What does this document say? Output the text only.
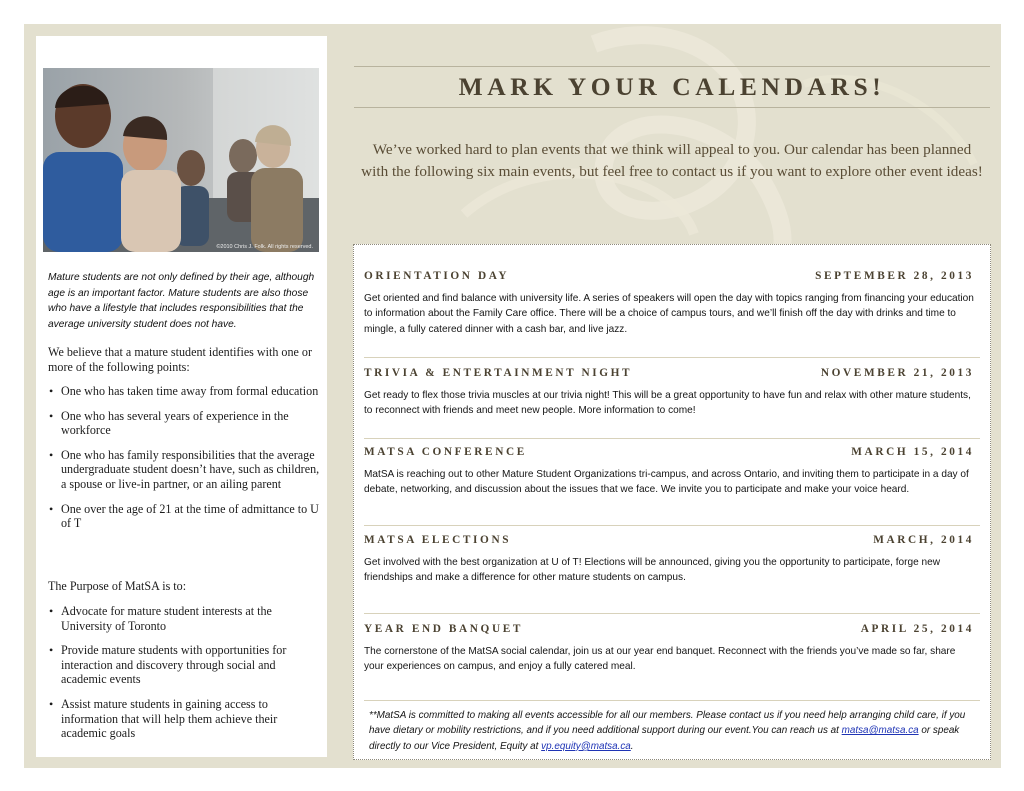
©2010 Chris J. Folk. All rights reserved.

Mature students are not only defined by their age, although age is an important factor. Mature students are also those who have a lifestyle that includes responsibilities that the average university student does not have.

We believe that a mature student identifies with one or more of the following points:

• One who has taken time away from formal education
• One who has several years of experience in the workforce
• One who has family responsibilities that the average undergraduate student doesn’t have, such as children, a spouse or live-in partner, or an ailing parent
• One over the age of 21 at the time of admittance to U of T

The Purpose of MatSA is to:

• Advocate for mature student interests at the University of Toronto
• Provide mature students with opportunities for interaction and discovery through social and academic events
• Assist mature students in gaining access to information that will help them achieve their academic goals
MARK YOUR CALENDARS!

We’ve worked hard to plan events that we think will appeal to you. Our calendar has been planned with the following six main events, but feel free to contact us if you want to explore other event ideas!

ORIENTATION DAY	SEPTEMBER 28, 2013

Get oriented and find balance with university life. A series of speakers will open the day with topics ranging from financing your education to information about the Family Care office. There will be a choice of campus tours, and we’ll finish off the day with drinks and time to mingle, a fully catered dinner with a cash bar, and live jazz.

TRIVIA & ENTERTAINMENT NIGHT	NOVEMBER 21, 2013

Get ready to flex those trivia muscles at our trivia night! This will be a great opportunity to have fun and relax with other mature students, to reconnect with friends and meet new people. More information to come!

MATSA CONFERENCE	MARCH 15, 2014

MatSA is reaching out to other Mature Student Organizations tri-campus, and across Ontario, and inviting them to participate in a day of debate, networking, and discussion about the issues that we face. We invite you to participate and make your voice heard.

MATSA ELECTIONS	MARCH, 2014

Get involved with the best organization at U of T! Elections will be announced, giving you the opportunity to participate, forge new friendships and make a difference for other mature students on campus.

YEAR END BANQUET	APRIL 25, 2014

The cornerstone of the MatSA social calendar, join us at our year end banquet. Reconnect with the friends you’ve made so far, share your experiences on campus, and enjoy a fully catered meal.

**MatSA is committed to making all events accessible for all our members. Please contact us if you need help arranging child care, if you have dietary or mobility restrictions, and if you need additional support during our event.You can reach us at matsa@matsa.ca or speak directly to our Vice President, Equity at vp.equity@matsa.ca.
